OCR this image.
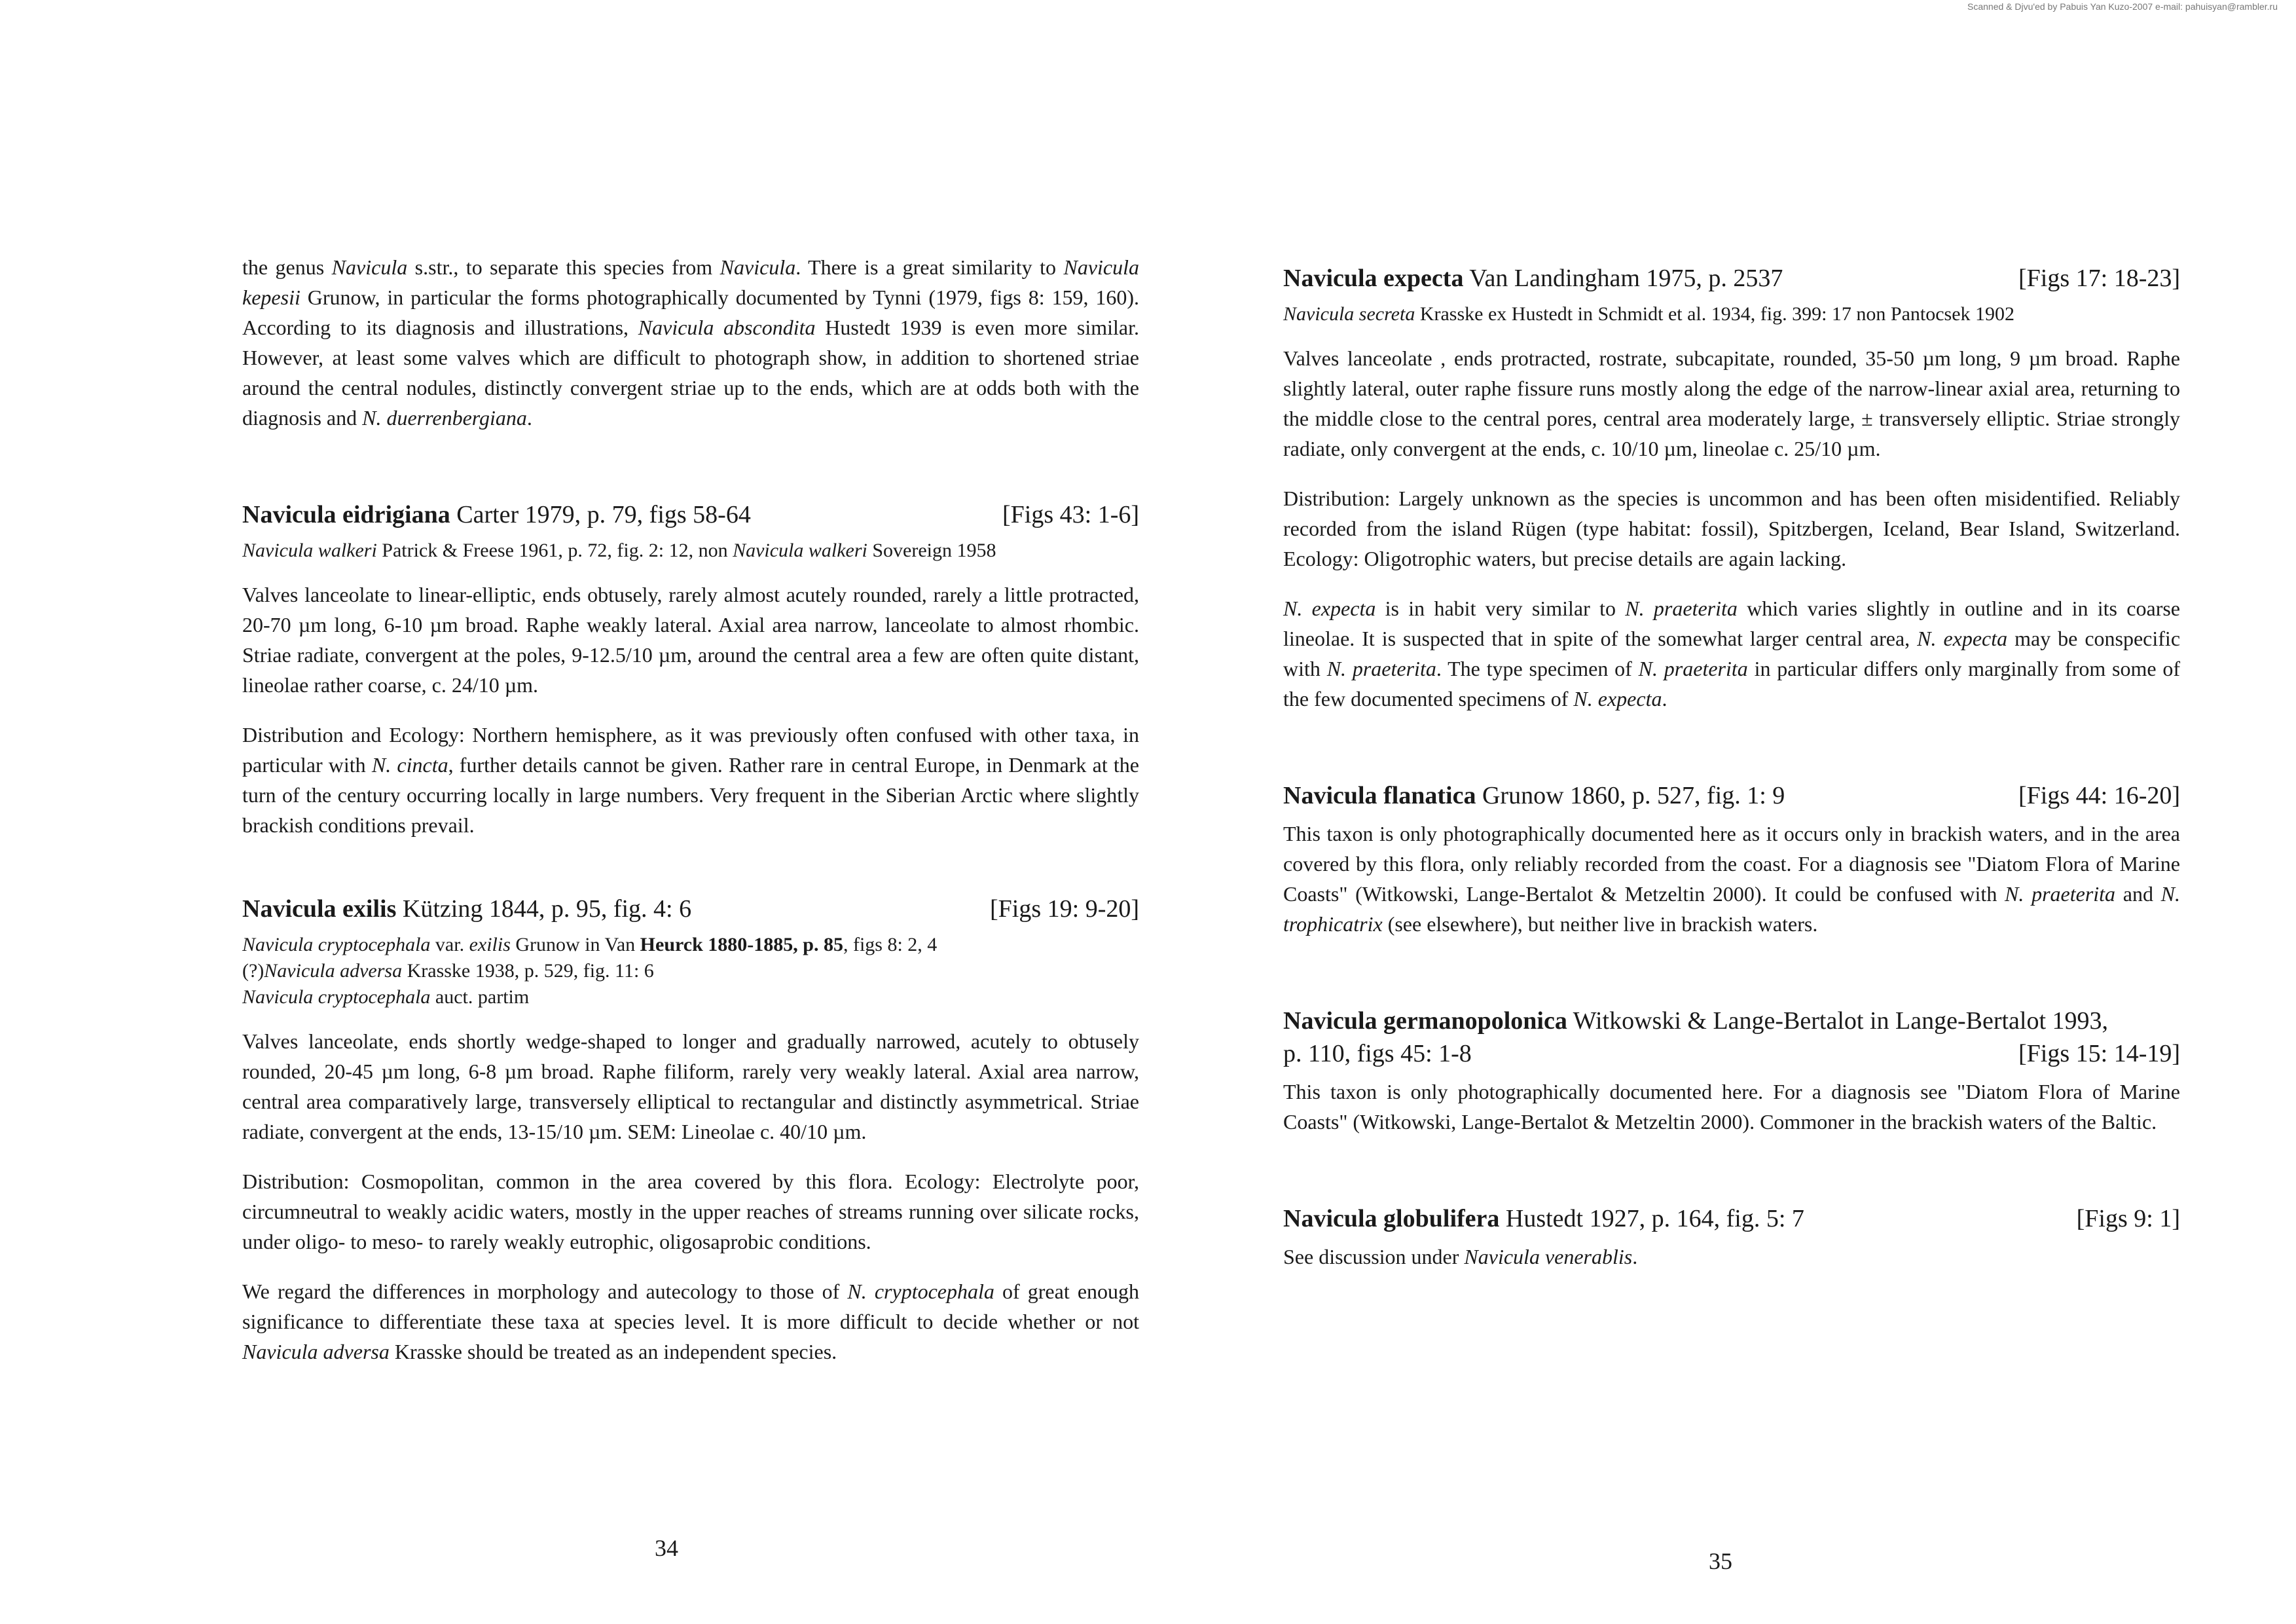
Scanned & Djvu'ed by Pabuis Yan Kuzo-2007 e-mail: pahuisyan@rambler.ru

the genus Navicula s.str., to separate this species from Navicula. There is a great similarity to Navicula kepesii Grunow, in particular the forms photographically documented by Tynni (1979, figs 8: 159, 160). According to its diagnosis and illustrations, Navicula abscondita Hustedt 1939 is even more similar. However, at least some valves which are difficult to photograph show, in addition to shortened striae around the central nodules, distinctly convergent striae up to the ends, which are at odds both with the diagnosis and N. duerrenbergiana.

Navicula eidrigiana Carter 1979, p. 79, figs 58-64	[Figs 43: 1-6]

Navicula walkeri Patrick & Freese 1961, p. 72, fig. 2: 12, non Navicula walkeri Sovereign 1958

Valves lanceolate to linear-elliptic, ends obtusely, rarely almost acutely rounded, rarely a little protracted, 20-70 µm long, 6-10 µm broad. Raphe weakly lateral. Axial area narrow, lanceolate to almost rhombic. Striae radiate, convergent at the poles, 9-12.5/10 µm, around the central area a few are often quite distant, lineolae rather coarse, c. 24/10 µm.

Distribution and Ecology: Northern hemisphere, as it was previously often confused with other taxa, in particular with N. cincta, further details cannot be given. Rather rare in central Europe, in Denmark at the turn of the century occurring locally in large numbers. Very frequent in the Siberian Arctic where slightly brackish conditions prevail.

Navicula exilis Kützing 1844, p. 95, fig. 4: 6	[Figs 19: 9-20]

Navicula cryptocephala var. exilis Grunow in Van Heurck 1880-1885, p. 85, figs 8: 2, 4

(?)Navicula adversa Krasske 1938, p. 529, fig. 11: 6

Navicula cryptocephala auct. partim

Valves lanceolate, ends shortly wedge-shaped to longer and gradually narrowed, acutely to obtusely rounded, 20-45 µm long, 6-8 µm broad. Raphe filiform, rarely very weakly lateral. Axial area narrow, central area comparatively large, transversely elliptical to rectangular and distinctly asymmetrical. Striae radiate, convergent at the ends, 13-15/10 µm. SEM: Lineolae c. 40/10 µm.

Distribution: Cosmopolitan, common in the area covered by this flora. Ecology: Electrolyte poor, circumneutral to weakly acidic waters, mostly in the upper reaches of streams running over silicate rocks, under oligo- to meso- to rarely weakly eutrophic, oligosaprobic conditions.

We regard the differences in morphology and autecology to those of N. cryptocephala of great enough significance to differentiate these taxa at species level. It is more difficult to decide whether or not Navicula adversa Krasske should be treated as an independent species.

34
Navicula expecta Van Landingham 1975, p. 2537	[Figs 17: 18-23]

Navicula secreta Krasske ex Hustedt in Schmidt et al. 1934, fig. 399: 17 non Pantocsek 1902

Valves lanceolate , ends protracted, rostrate, subcapitate, rounded, 35-50 µm long, 9 µm broad. Raphe slightly lateral, outer raphe fissure runs mostly along the edge of the narrow-linear axial area, returning to the middle close to the central pores, central area moderately large, ± transversely elliptic. Striae strongly radiate, only convergent at the ends, c. 10/10 µm, lineolae c. 25/10 µm.

Distribution: Largely unknown as the species is uncommon and has been often misidentified. Reliably recorded from the island Rügen (type habitat: fossil), Spitzbergen, Iceland, Bear Island, Switzerland. Ecology: Oligotrophic waters, but precise details are again lacking.

N. expecta is in habit very similar to N. praeterita which varies slightly in outline and in its coarse lineolae. It is suspected that in spite of the somewhat larger central area, N. expecta may be conspecific with N. praeterita. The type specimen of N. praeterita in particular differs only marginally from some of the few documented specimens of N. expecta.

Navicula flanatica Grunow 1860, p. 527, fig. 1: 9	[Figs 44: 16-20]

This taxon is only photographically documented here as it occurs only in brackish waters, and in the area covered by this flora, only reliably recorded from the coast. For a diagnosis see "Diatom Flora of Marine Coasts" (Witkowski, Lange-Bertalot & Metzeltin 2000). It could be confused with N. praeterita and N. trophicatrix (see elsewhere), but neither live in brackish waters.

Navicula germanopolonica Witkowski & Lange-Bertalot in Lange-Bertalot 1993,
p. 110, figs 45: 1-8	[Figs 15: 14-19]

This taxon is only photographically documented here. For a diagnosis see "Diatom Flora of Marine Coasts" (Witkowski, Lange-Bertalot & Metzeltin 2000). Commoner in the brackish waters of the Baltic.

Navicula globulifera Hustedt 1927, p. 164, fig. 5: 7	[Figs 9: 1]

See discussion under Navicula venerablis.

35
